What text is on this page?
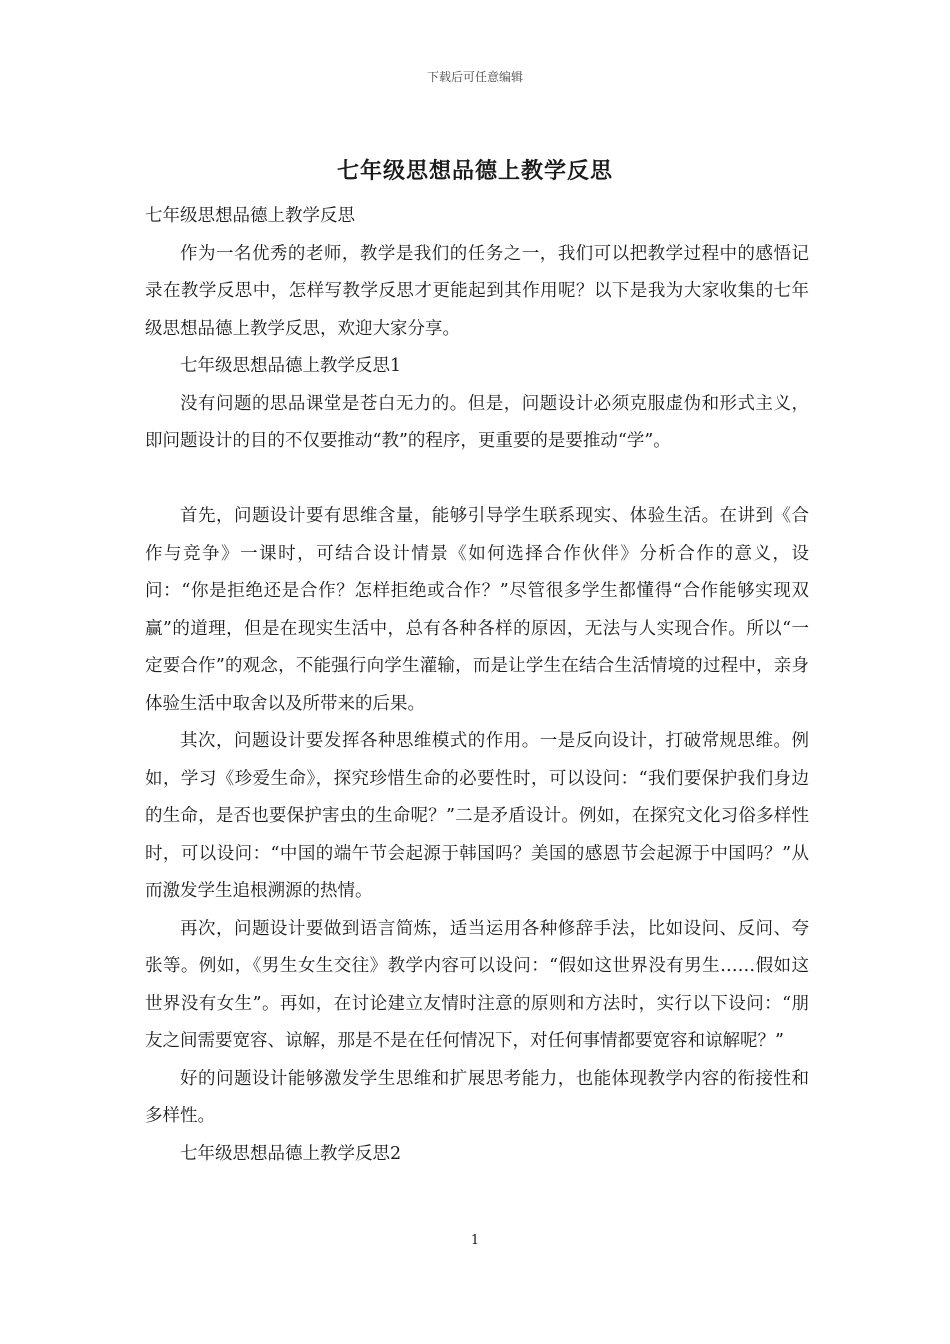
下载后可任意编辑
七年级思想品德上教学反思

七年级思想品德上教学反思

作为一名优秀的老师，教学是我们的任务之一，我们可以把教学过程中的感悟记录在教学反思中，怎样写教学反思才更能起到其作用呢？以下是我为大家收集的七年级思想品德上教学反思，欢迎大家分享。

七年级思想品德上教学反思1

没有问题的思品课堂是苍白无力的。但是，问题设计必须克服虚伪和形式主义，即问题设计的目的不仅要推动“教”的程序，更重要的是要推动“学”。

首先，问题设计要有思维含量，能够引导学生联系现实、体验生活。在讲到《合作与竞争》一课时，可结合设计情景《如何选择合作伙伴》分析合作的意义，设问：“你是拒绝还是合作？怎样拒绝或合作？”尽管很多学生都懂得“合作能够实现双赢”的道理，但是在现实生活中，总有各种各样的原因，无法与人实现合作。所以“一定要合作”的观念，不能强行向学生灌输，而是让学生在结合生活情境的过程中，亲身体验生活中取舍以及所带来的后果。

其次，问题设计要发挥各种思维模式的作用。一是反向设计，打破常规思维。例如，学习《珍爱生命》，探究珍惜生命的必要性时，可以设问：“我们要保护我们身边的生命，是否也要保护害虫的生命呢？”二是矛盾设计。例如，在探究文化习俗多样性时，可以设问：“中国的端午节会起源于韩国吗？美国的感恩节会起源于中国吗？”从而激发学生追根溯源的热情。

再次，问题设计要做到语言简炼，适当运用各种修辞手法，比如设问、反问、夸张等。例如，《男生女生交往》教学内容可以设问：“假如这世界没有男生……假如这世界没有女生”。再如，在讨论建立友情时注意的原则和方法时，实行以下设问：“朋友之间需要宽容、谅解，那是不是在任何情况下，对任何事情都要宽容和谅解呢？”

好的问题设计能够激发学生思维和扩展思考能力，也能体现教学内容的衔接性和多样性。

七年级思想品德上教学反思2

1
